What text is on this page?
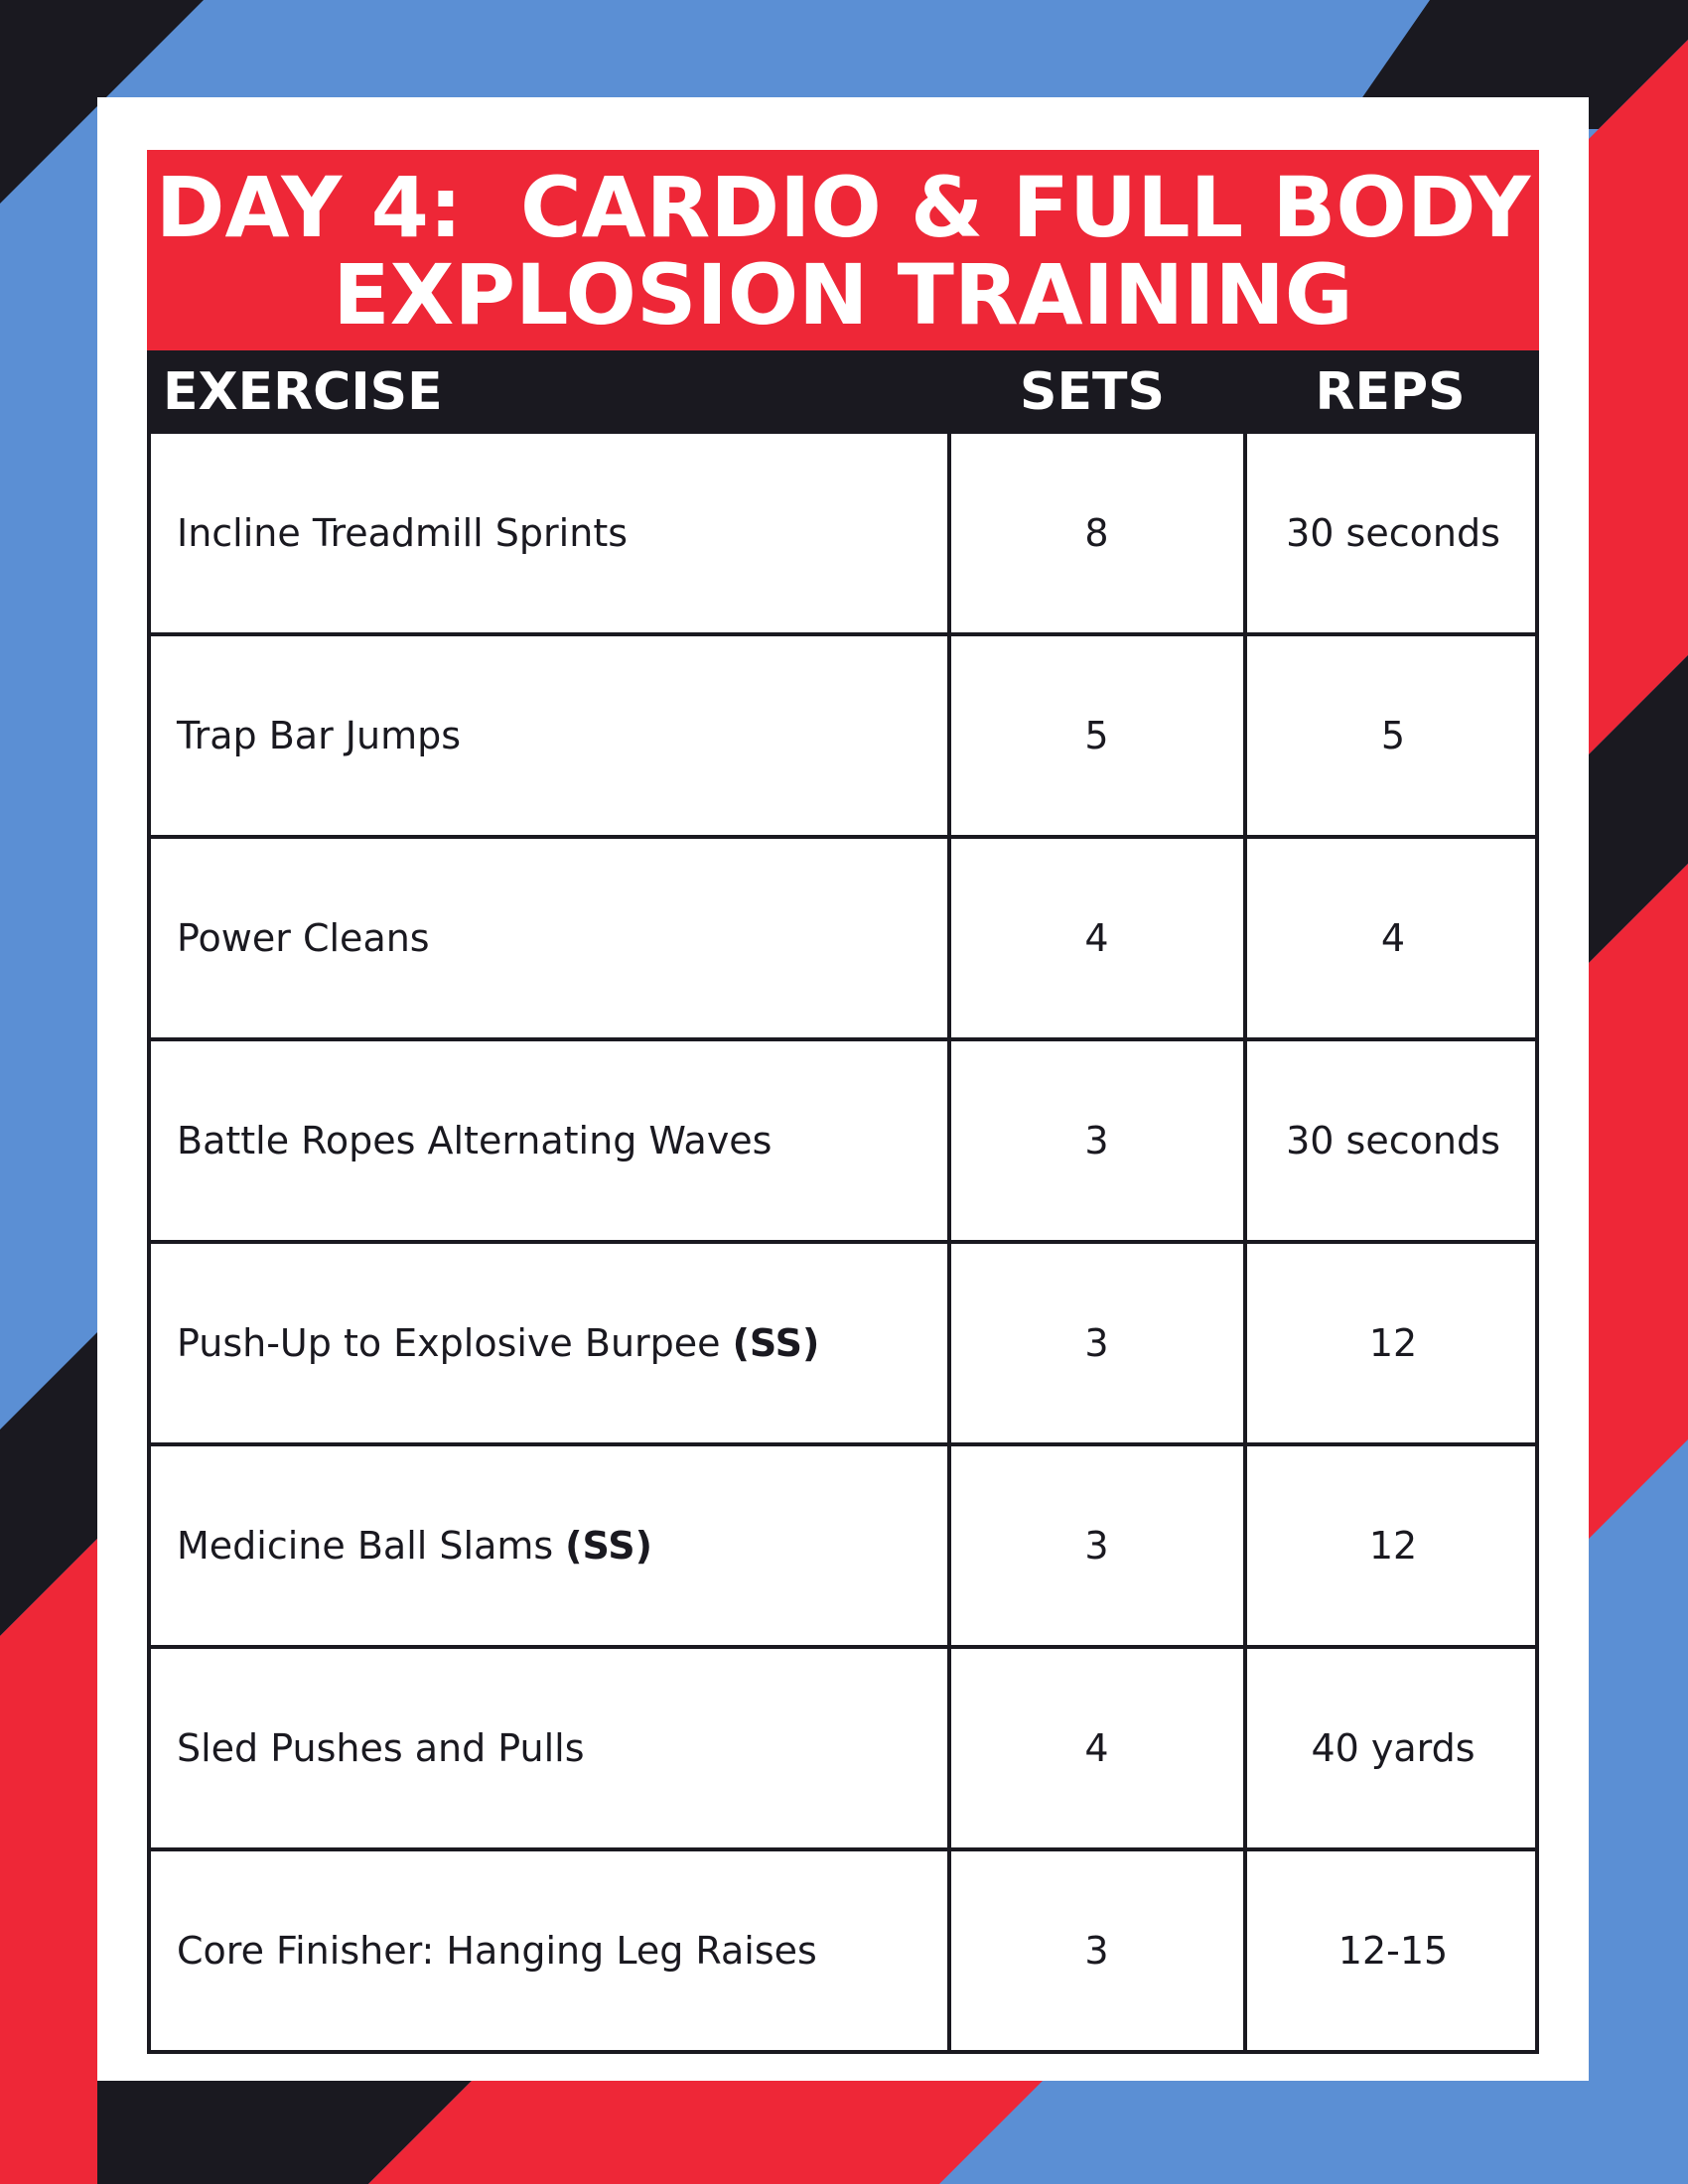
DAY 4:  CARDIO & FULL BODY
EXPLOSION TRAINING
EXERCISE	SETS	REPS
Incline Treadmill Sprints	8	30 seconds
Trap Bar Jumps	5	5
Power Cleans	4	4
Battle Ropes Alternating Waves	3	30 seconds
Push-Up to Explosive Burpee (SS)	3	12
Medicine Ball Slams (SS)	3	12
Sled Pushes and Pulls	4	40 yards
Core Finisher: Hanging Leg Raises	3	12-15
